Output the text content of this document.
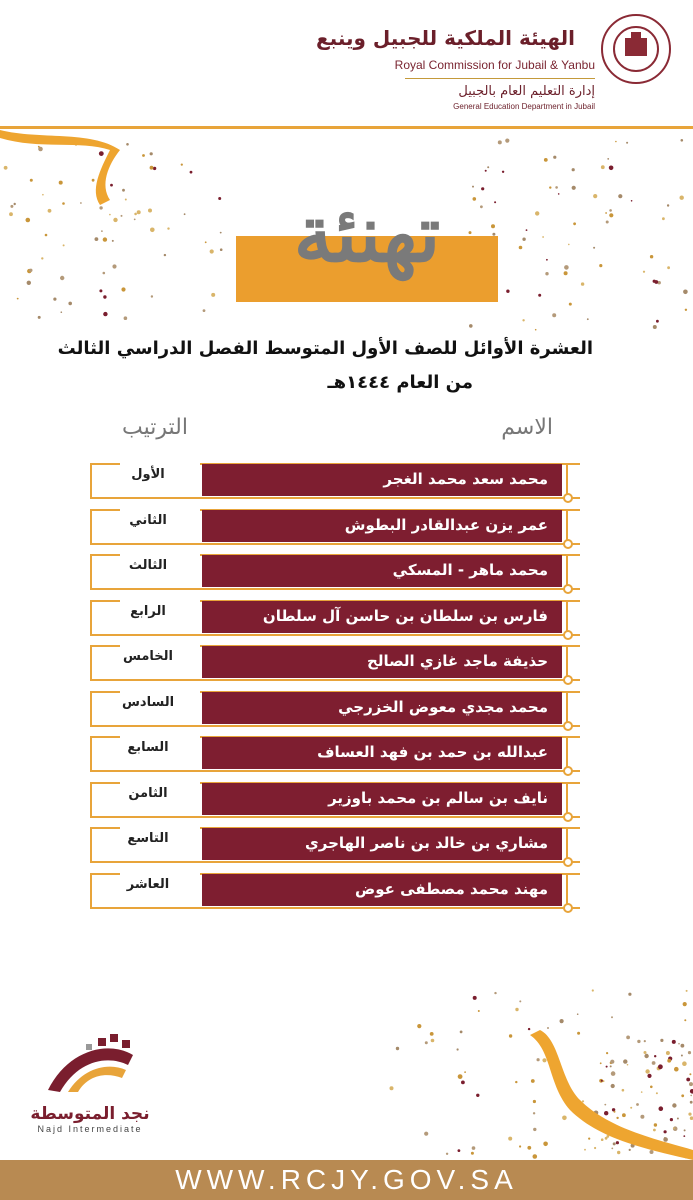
الهيئة الملكية للجبيل وينبع
Royal Commission for Jubail & Yanbu
إدارة التعليم العام بالجبيل
General Education Department in Jubail
تهنئة
العشرة الأوائل للصف الأول المتوسط الفصل الدراسي الثالث
من العام ١٤٤٤هـ
الاسم
الترتيب
محمد سعد محمد الغجر
الأول
عمر يزن عبدالقادر البطوش
الثاني
محمد ماهر - المسكي
الثالث
فارس بن سلطان بن حاسن آل سلطان
الرابع
حذيفة ماجد غازي الصالح
الخامس
محمد مجدي معوض الخزرجي
السادس
عبدالله بن حمد بن فهد العساف
السابع
نايف بن سالم بن محمد باوزير
الثامن
مشاري بن خالد بن ناصر الهاجري
التاسع
مهند محمد مصطفى عوض
العاشر
نجد المتوسطة
Najd Intermediate
WWW.RCJY.GOV.SA
